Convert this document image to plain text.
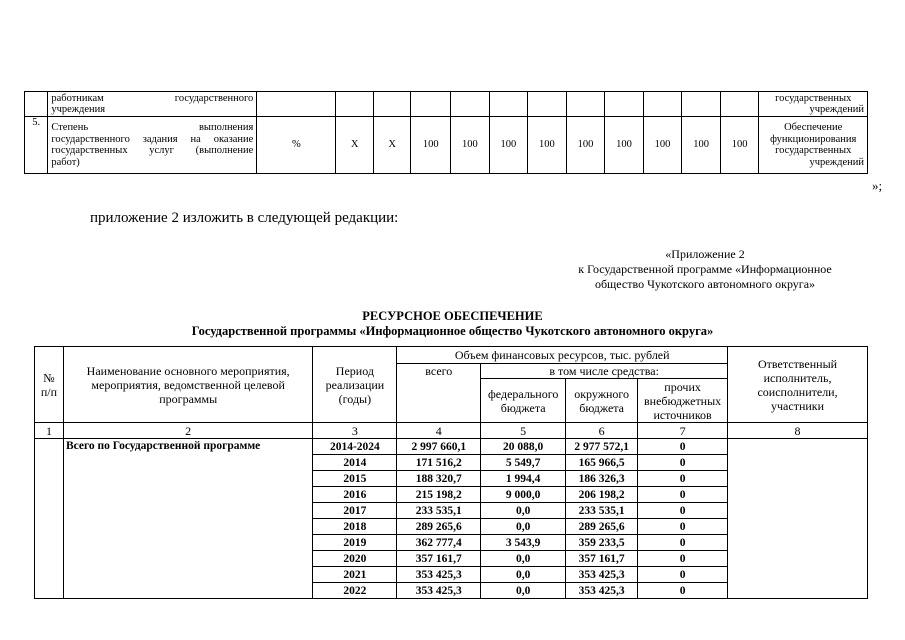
	работникам государственного
учреждения													государственных
учреждений

5.	Степень выполнения
государственного задания на оказание
государственных услуг (выполнение
работ)	%	Х	Х	100	100	100	100	100	100	100	100	100	Обеспечение
функционирования
государственных
учреждений
»;
приложение 2 изложить в следующей редакции:
«Приложение 2
к Государственной программе «Информационное
общество Чукотского автономного округа»
РЕСУРСНОЕ ОБЕСПЕЧЕНИЕ
Государственной программы «Информационное общество Чукотского автономного округа»
№ п/п	Наименование основного мероприятия, мероприятия, ведомственной целевой программы	Период реализации (годы)	Объем финансовых ресурсов, тыс. рублей				Ответственный исполнитель, соисполнители, участники
			всего	в том числе средства:			
				федерального бюджета	окружного бюджета	прочих внебюджетных источников	
1	2	3	4	5	6	7	8
	Всего по Государственной программе	2014-2024	2 997 660,1	20 088,0	2 977 572,1	0	
		2014	171 516,2	5 549,7	165 966,5	0	
		2015	188 320,7	1 994,4	186 326,3	0	
		2016	215 198,2	9 000,0	206 198,2	0	
		2017	233 535,1	0,0	233 535,1	0	
		2018	289 265,6	0,0	289 265,6	0	
		2019	362 777,4	3 543,9	359 233,5	0	
		2020	357 161,7	0,0	357 161,7	0	
		2021	353 425,3	0,0	353 425,3	0	
		2022	353 425,3	0,0	353 425,3	0	
